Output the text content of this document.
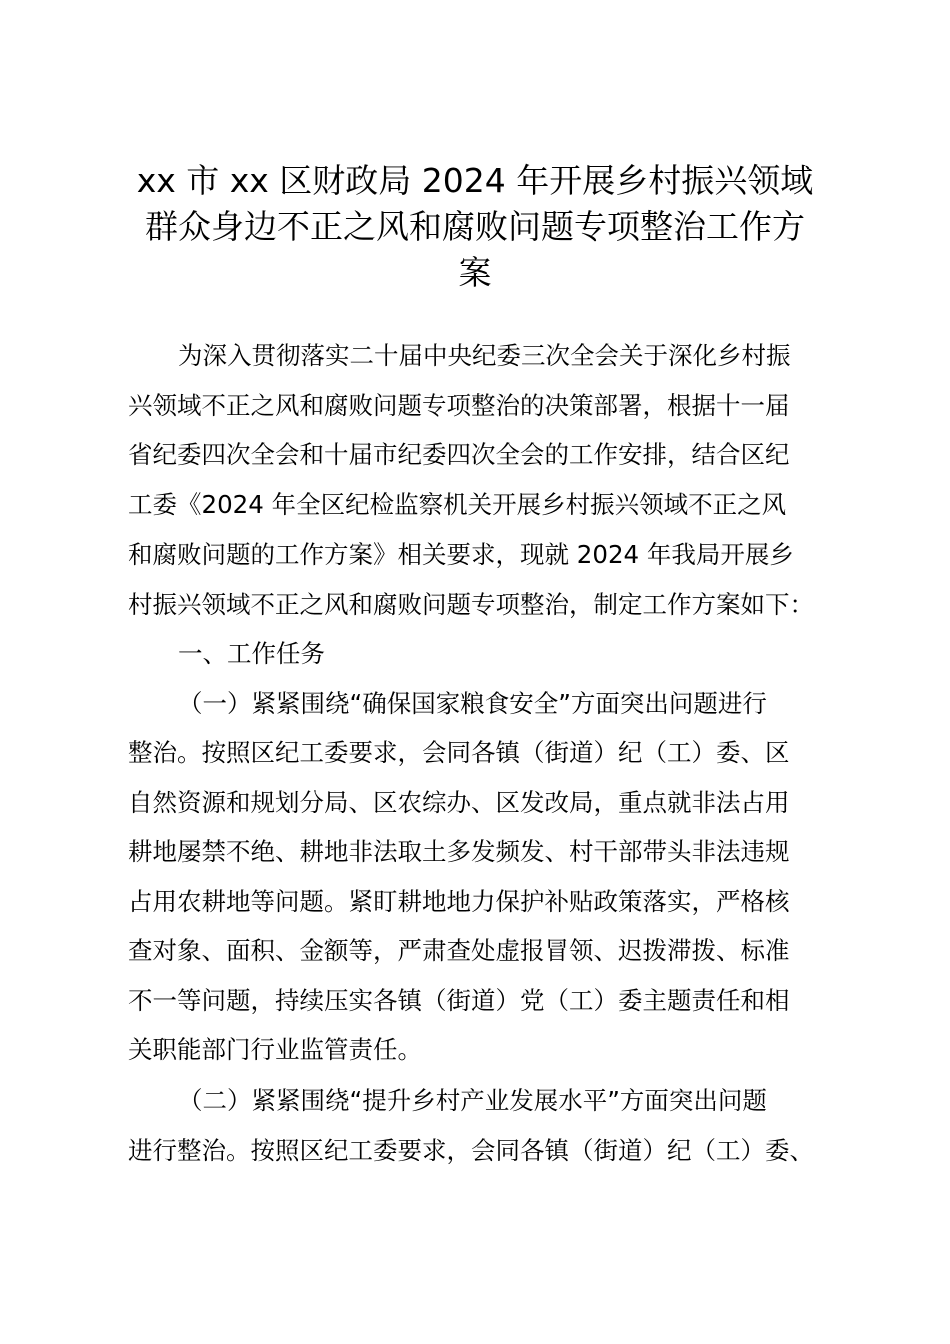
xx 市 xx 区财政局 2024 年开展乡村振兴领域
群众身边不正之风和腐败问题专项整治工作方
案
为深入贯彻落实二十届中央纪委三次全会关于深化乡村振
兴领域不正之风和腐败问题专项整治的决策部署，根据十一届
省纪委四次全会和十届市纪委四次全会的工作安排，结合区纪
工委《2024 年全区纪检监察机关开展乡村振兴领域不正之风
和腐败问题的工作方案》相关要求，现就 2024 年我局开展乡
村振兴领域不正之风和腐败问题专项整治，制定工作方案如下：
一、工作任务
（一）紧紧围绕“确保国家粮食安全”方面突出问题进行
整治。按照区纪工委要求，会同各镇（街道）纪（工）委、区
自然资源和规划分局、区农综办、区发改局，重点就非法占用
耕地屡禁不绝、耕地非法取土多发频发、村干部带头非法违规
占用农耕地等问题。紧盯耕地地力保护补贴政策落实，严格核
查对象、面积、金额等，严肃查处虚报冒领、迟拨滞拨、标准
不一等问题，持续压实各镇（街道）党（工）委主题责任和相
关职能部门行业监管责任。
（二）紧紧围绕“提升乡村产业发展水平”方面突出问题
进行整治。按照区纪工委要求，会同各镇（街道）纪（工）委、
